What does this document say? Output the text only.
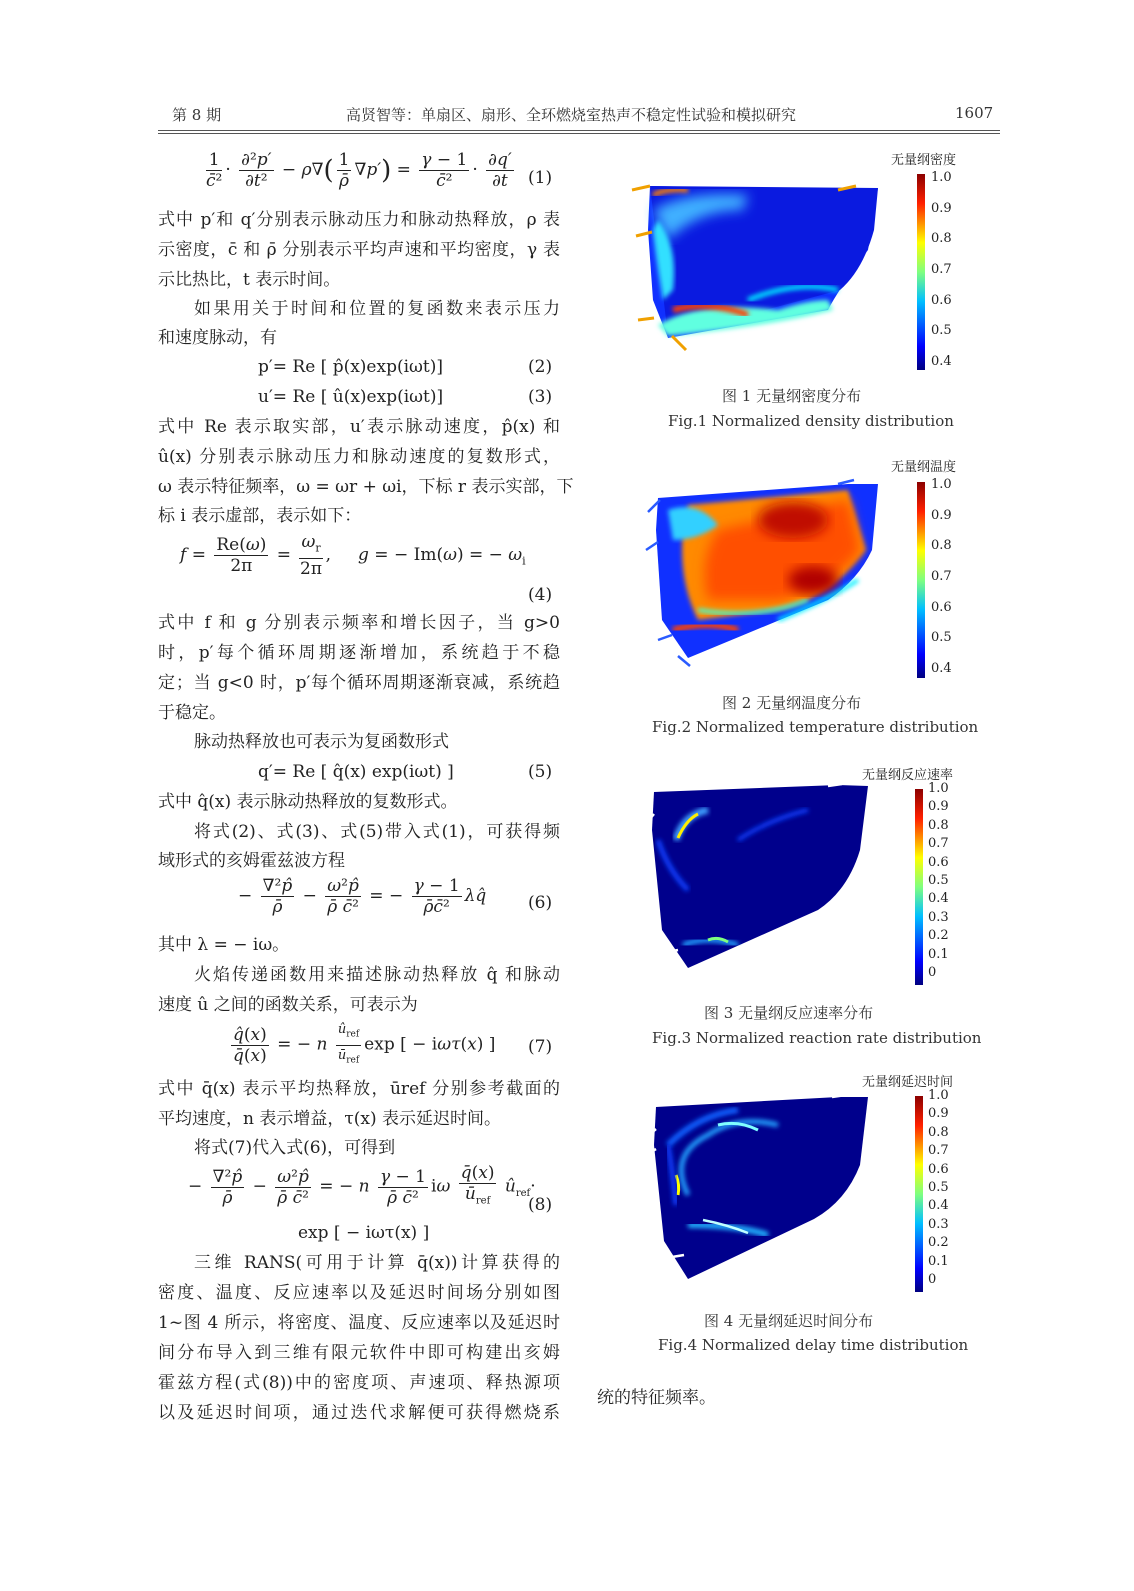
第 8 期	高贤智等：单扇区、扇形、全环燃烧室热声不稳定性试验和模拟研究	1607
$\frac{1}{\text{c̄²}} \cdot \frac{\text{∂²p′}}{\text{∂t²}} - \rho\nabla( \frac{1}{\rhō} \nabla p') = \frac{\gamma - 1}{\text{c̄²}} \cdot \frac{\partial q'}{\partial t} (1)$
式中 p′和 q′分别表示脉动压力和脉动热释放，ρ 表
示密度，c̄ 和 ρ̄ 分别表示平均声速和平均密度，γ 表
示比热比，t 表示时间。
如果用关于时间和位置的复函数来表示压力
和速度脉动，有
p′= Re [ p̂(x)exp(iωt)]	(2)
u′= Re [ û(x)exp(iωt)]	(3)
式中 Re 表示取实部，u′表示脉动速度，p̂(x) 和
û(x) 分别表示脉动压力和脉动速度的复数形式，
ω 表示特征频率，ω = ωr + ωi，下标 r 表示实部，下
标 i 表示虚部，表示如下：
$f = \frac{Re(\omega)}{2\pi} = \frac{\omega_r}{2\pi}$ ,     g = − Im(ω) = − $\omega_i$
(4)
式中 f 和 g 分别表示频率和增长因子，当 g>0
时，p′每个循环周期逐渐增加，系统趋于不稳
定；当 g<0 时，p′每个循环周期逐渐衰减，系统趋
于稳定。
脉动热释放也可表示为复函数形式
q′= Re [ q̂(x) exp(iωt) ]	(5)
式中 q̂(x) 表示脉动热释放的复数形式。
将式(2)、式(3)、式(5)带入式(1)，可获得频
域形式的亥姆霍兹波方程
− $\frac{\text{∇²p̂}}{\rhō} - \frac{\text{ω²p̂}}{\text{ρ̄ c̄²}}$ = − $\frac{\gamma - 1}{\text{ρ̄c̄²}}$ λq̂ (6)
其中 λ = − iω。
火焰传递函数用来描述脉动热释放 q̂ 和脉动
速度 û 之间的函数关系，可表示为
$\frac{q̂(x)}{q̄(x)}$ = − n $\frac{û_{ref}}{ū_{ref}}$ exp [ − iωτ(x) ] (7)
式中 q̄(x) 表示平均热释放，ūref 分别参考截面的
平均速度，n 表示增益，τ(x) 表示延迟时间。
将式(7)代入式(6)，可得到
− $\frac{\text{∇²p̂}}{\rhō} - \frac{\text{ω²p̂}}{\text{ρ̄ c̄²}}$ = − n $\frac{\gamma - 1}{\text{ρ̄ c̄²}}$ iω $\frac{q̄(x)}{ū_{ref}}$ $û_{ref}\cdot$
(8)
exp [ − iωτ(x) ]
三维 RANS(可用于计算 q̄(x))计算获得的
密度、温度、反应速率以及延迟时间场分别如图
1~图 4 所示，将密度、温度、反应速率以及延迟时
间分布导入到三维有限元软件中即可构建出亥姆
霍兹方程(式(8))中的密度项、声速项、释热源项
以及延迟时间项，通过迭代求解便可获得燃烧系
无量纲密度
1.0
0.9
0.8
0.7
0.6
0.5
0.4
图 1 无量纲密度分布
Fig.1 Normalized density distribution
无量纲温度
1.0
0.9
0.8
0.7
0.6
0.5
0.4
图 2 无量纲温度分布
Fig.2 Normalized temperature distribution
无量纲反应速率
1.0
0.9
0.8
0.7
0.6
0.5
0.4
0.3
0.2
0.1
0
图 3 无量纲反应速率分布
Fig.3 Normalized reaction rate distribution
无量纲延迟时间
1.0
0.9
0.8
0.7
0.6
0.5
0.4
0.3
0.2
0.1
0
图 4 无量纲延迟时间分布
Fig.4 Normalized delay time distribution
统的特征频率。
